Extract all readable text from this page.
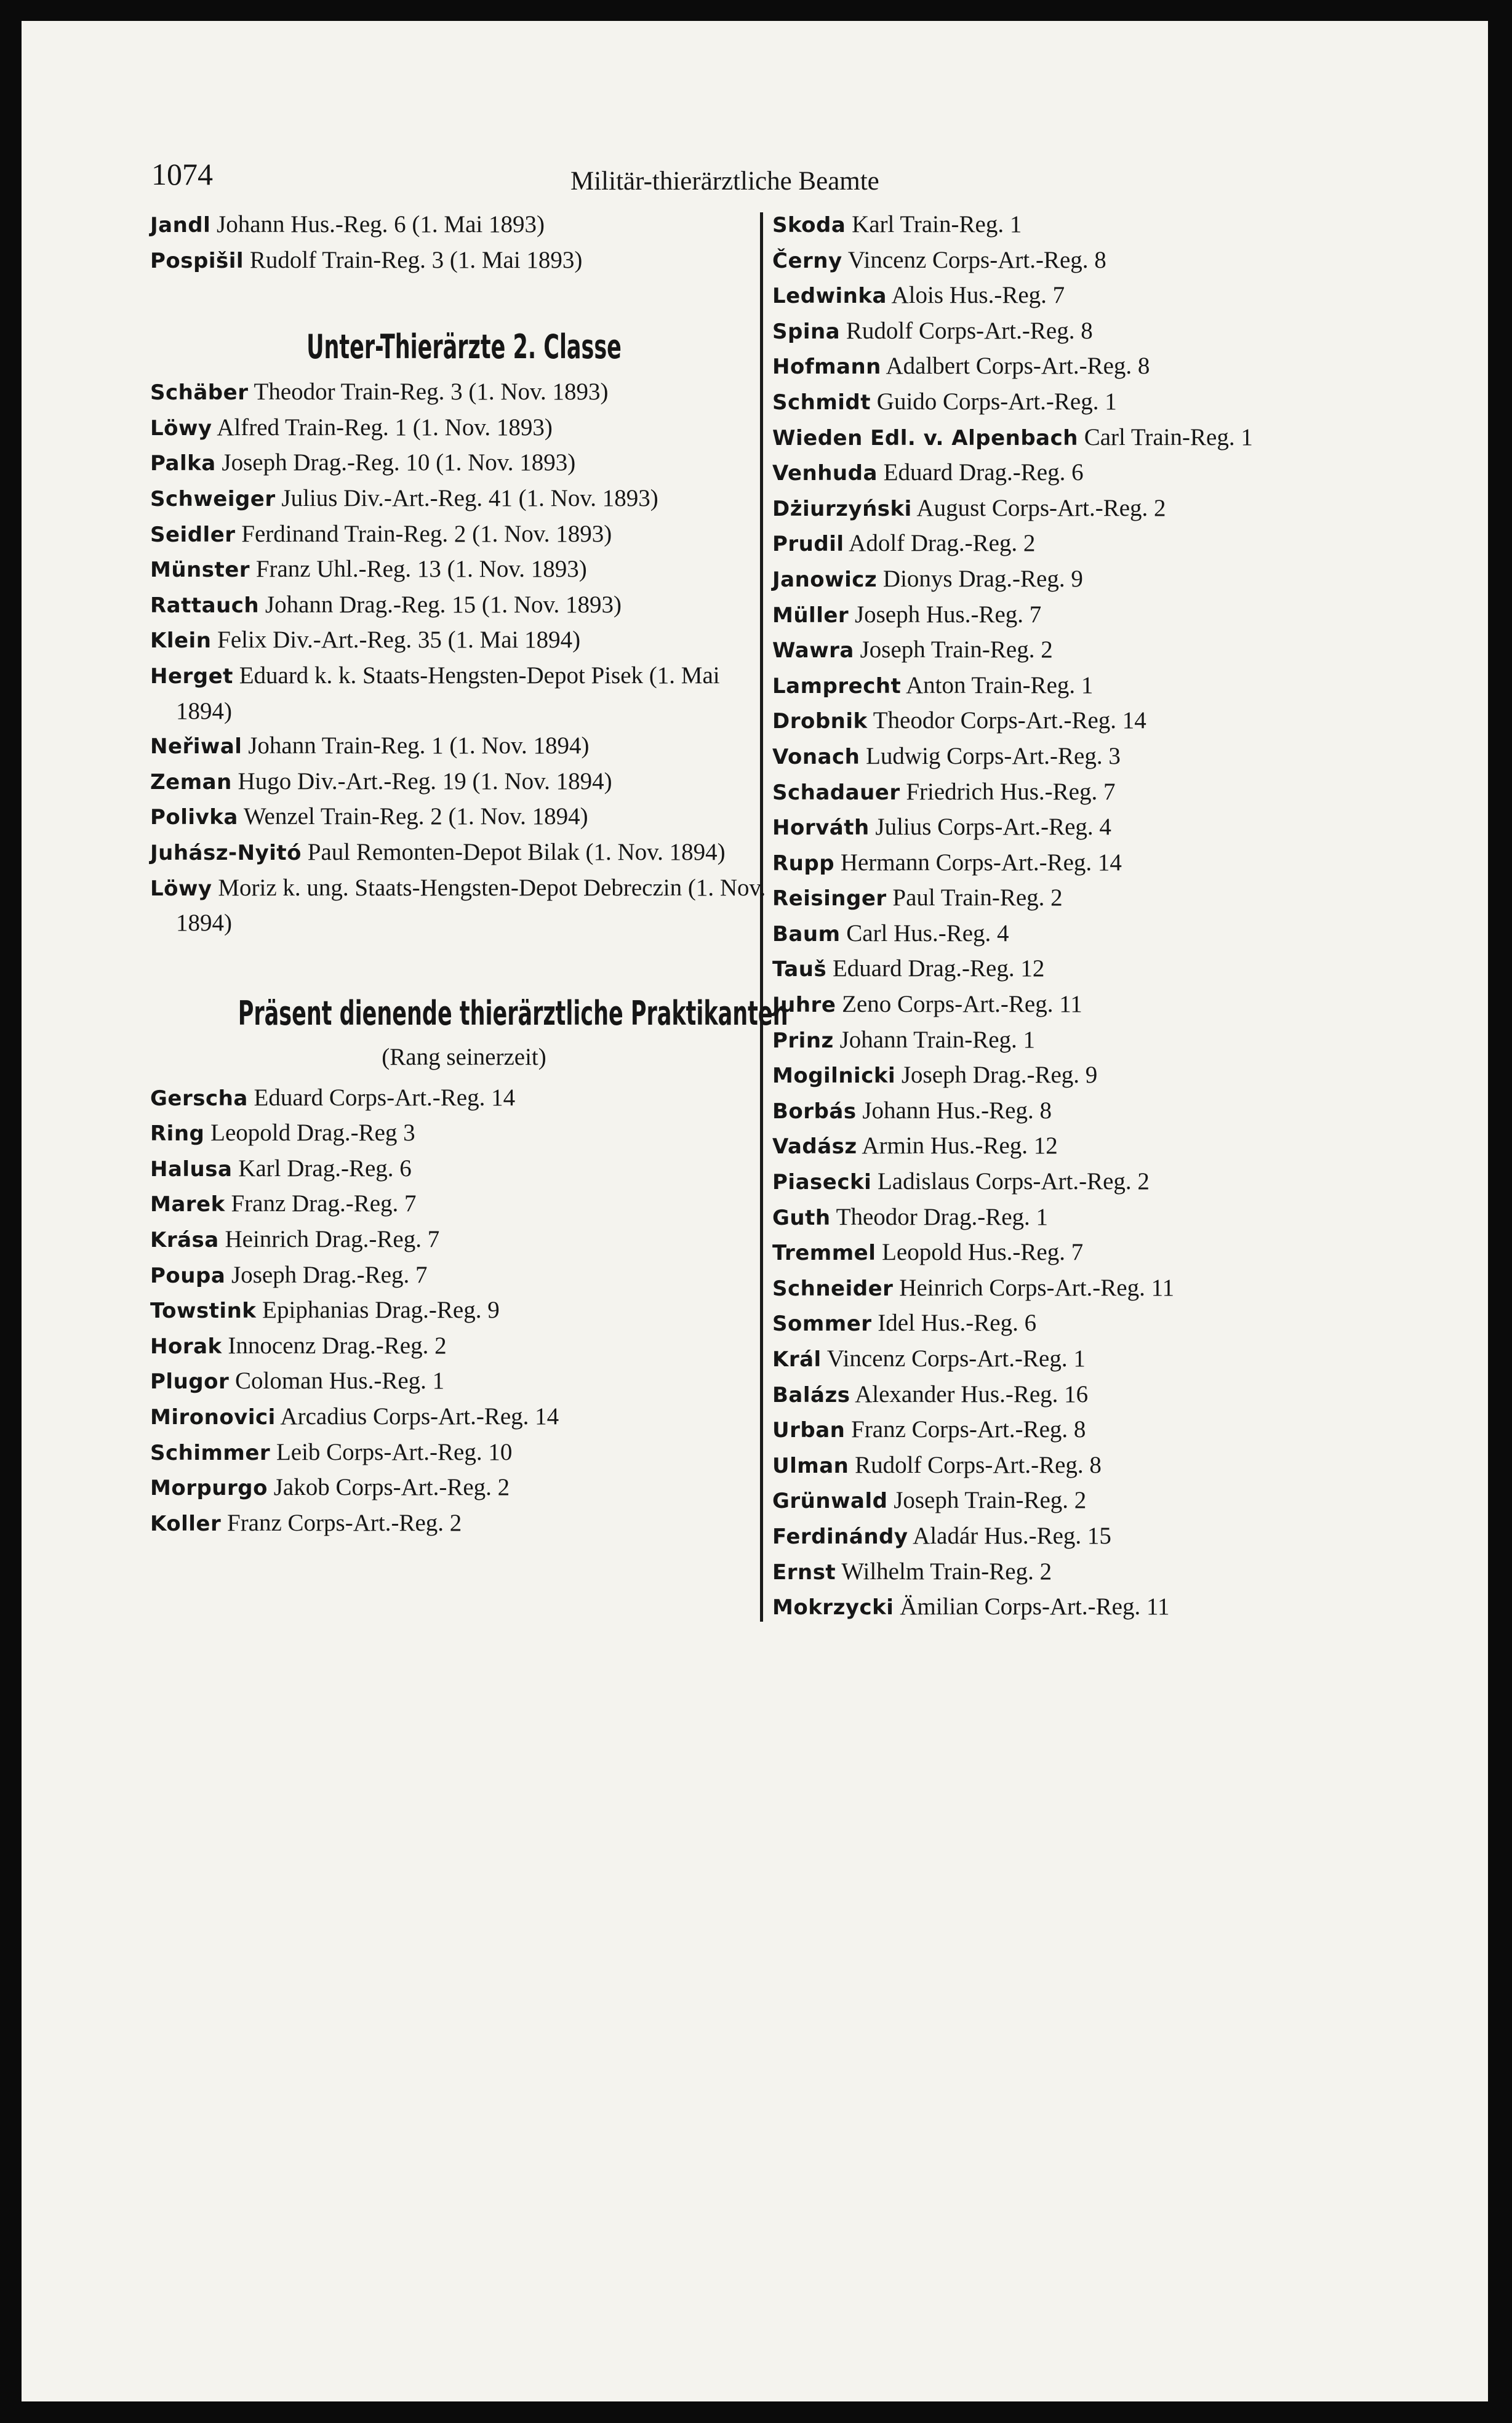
1074	Militär-thierärztliche Beamte
Jandl Johann Hus.-Reg. 6 (1. Mai 1893)
Pospišil Rudolf Train-Reg. 3 (1. Mai 1893)
Unter-Thierärzte 2. Classe
Schäber Theodor Train-Reg. 3 (1. Nov. 1893)
Löwy Alfred Train-Reg. 1 (1. Nov. 1893)
Palka Joseph Drag.-Reg. 10 (1. Nov. 1893)
Schweiger Julius Div.-Art.-Reg. 41 (1. Nov. 1893)
Seidler Ferdinand Train-Reg. 2 (1. Nov. 1893)
Münster Franz Uhl.-Reg. 13 (1. Nov. 1893)
Rattauch Johann Drag.-Reg. 15 (1. Nov. 1893)
Klein Felix Div.-Art.-Reg. 35 (1. Mai 1894)
Herget Eduard k. k. Staats-Hengsten-Depot Pisek (1. Mai 1894)
Neřiwal Johann Train-Reg. 1 (1. Nov. 1894)
Zeman Hugo Div.-Art.-Reg. 19 (1. Nov. 1894)
Polivka Wenzel Train-Reg. 2 (1. Nov. 1894)
Juhász-Nyitó Paul Remonten-Depot Bilak (1. Nov. 1894)
Löwy Moriz k. ung. Staats-Hengsten-Depot Debreczin (1. Nov. 1894)
Präsent dienende thierärztliche Praktikanten
(Rang seinerzeit)
Gerscha Eduard Corps-Art.-Reg. 14
Ring Leopold Drag.-Reg 3
Halusa Karl Drag.-Reg. 6
Marek Franz Drag.-Reg. 7
Krása Heinrich Drag.-Reg. 7
Poupa Joseph Drag.-Reg. 7
Towstink Epiphanias Drag.-Reg. 9
Horak Innocenz Drag.-Reg. 2
Plugor Coloman Hus.-Reg. 1
Mironovici Arcadius Corps-Art.-Reg. 14
Schimmer Leib Corps-Art.-Reg. 10
Morpurgo Jakob Corps-Art.-Reg. 2
Koller Franz Corps-Art.-Reg. 2
Skoda Karl Train-Reg. 1
Černy Vincenz Corps-Art.-Reg. 8
Ledwinka Alois Hus.-Reg. 7
Spina Rudolf Corps-Art.-Reg. 8
Hofmann Adalbert Corps-Art.-Reg. 8
Schmidt Guido Corps-Art.-Reg. 1
Wieden Edl. v. Alpenbach Carl Train-Reg. 1
Venhuda Eduard Drag.-Reg. 6
Dżiurzyński August Corps-Art.-Reg. 2
Prudil Adolf Drag.-Reg. 2
Janowicz Dionys Drag.-Reg. 9
Müller Joseph Hus.-Reg. 7
Wawra Joseph Train-Reg. 2
Lamprecht Anton Train-Reg. 1
Drobnik Theodor Corps-Art.-Reg. 14
Vonach Ludwig Corps-Art.-Reg. 3
Schadauer Friedrich Hus.-Reg. 7
Horváth Julius Corps-Art.-Reg. 4
Rupp Hermann Corps-Art.-Reg. 14
Reisinger Paul Train-Reg. 2
Baum Carl Hus.-Reg. 4
Tauš Eduard Drag.-Reg. 12
Juhre Zeno Corps-Art.-Reg. 11
Prinz Johann Train-Reg. 1
Mogilnicki Joseph Drag.-Reg. 9
Borbás Johann Hus.-Reg. 8
Vadász Armin Hus.-Reg. 12
Piasecki Ladislaus Corps-Art.-Reg. 2
Guth Theodor Drag.-Reg. 1
Tremmel Leopold Hus.-Reg. 7
Schneider Heinrich Corps-Art.-Reg. 11
Sommer Idel Hus.-Reg. 6
Král Vincenz Corps-Art.-Reg. 1
Balázs Alexander Hus.-Reg. 16
Urban Franz Corps-Art.-Reg. 8
Ulman Rudolf Corps-Art.-Reg. 8
Grünwald Joseph Train-Reg. 2
Ferdinándy Aladár Hus.-Reg. 15
Ernst Wilhelm Train-Reg. 2
Mokrzycki Ämilian Corps-Art.-Reg. 11
